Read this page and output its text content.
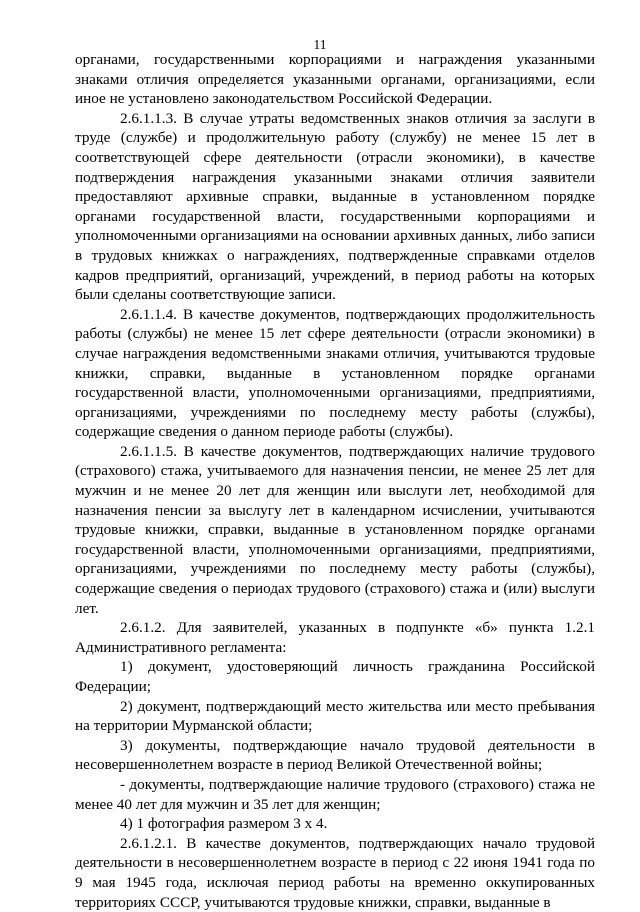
11

органами, государственными корпорациями и награждения указанными знаками отличия определяется указанными органами, организациями, если иное не установлено законодательством Российской Федерации.

2.6.1.1.3. В случае утраты ведомственных знаков отличия за заслуги в труде (службе) и продолжительную работу (службу) не менее 15 лет в соответствующей сфере деятельности (отрасли экономики), в качестве подтверждения награждения указанными знаками отличия заявители предоставляют архивные справки, выданные в установленном порядке органами государственной власти, государственными корпорациями и уполномоченными организациями на основании архивных данных, либо записи в трудовых книжках о награждениях, подтвержденные справками отделов кадров предприятий, организаций, учреждений, в период работы на которых были сделаны соответствующие записи.

2.6.1.1.4. В качестве документов, подтверждающих продолжительность работы (службы) не менее 15 лет сфере деятельности (отрасли экономики) в случае награждения ведомственными знаками отличия, учитываются трудовые книжки, справки, выданные в установленном порядке органами государственной власти, уполномоченными организациями, предприятиями, организациями, учреждениями по последнему месту работы (службы), содержащие сведения о данном периоде работы (службы).

2.6.1.1.5. В качестве документов, подтверждающих наличие трудового (страхового) стажа, учитываемого для назначения пенсии, не менее 25 лет для мужчин и не менее 20 лет для женщин или выслуги лет, необходимой для назначения пенсии за выслугу лет в календарном исчислении, учитываются трудовые книжки, справки, выданные в установленном порядке органами государственной власти, уполномоченными организациями, предприятиями, организациями, учреждениями по последнему месту работы (службы), содержащие сведения о периодах трудового (страхового) стажа и (или) выслуги лет.

2.6.1.2. Для заявителей, указанных в подпункте «б» пункта 1.2.1 Административного регламента:

1) документ, удостоверяющий личность гражданина Российской Федерации;

2) документ, подтверждающий место жительства или место пребывания на территории Мурманской области;

3) документы, подтверждающие начало трудовой деятельности в несовершеннолетнем возрасте в период Великой Отечественной войны;

- документы, подтверждающие наличие трудового (страхового) стажа не менее 40 лет для мужчин и 35 лет для женщин;

4) 1 фотография размером 3 х 4.

2.6.1.2.1. В качестве документов, подтверждающих начало трудовой деятельности в несовершеннолетнем возрасте в период с 22 июня 1941 года по 9 мая 1945 года, исключая период работы на временно оккупированных территориях СССР, учитываются трудовые книжки, справки, выданные в
